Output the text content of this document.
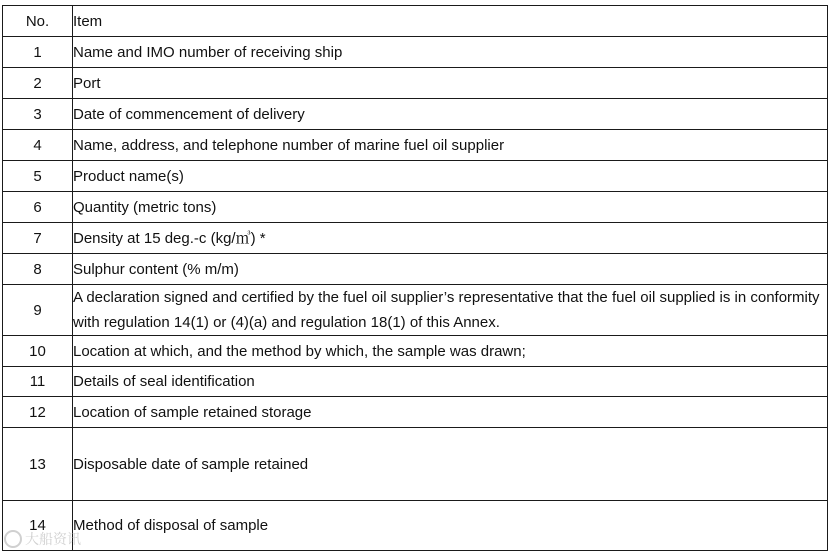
No.	Item
1	Name and IMO number of receiving ship
2	Port
3	Date of commencement of delivery
4	Name, address, and telephone number of marine fuel oil supplier
5	Product name(s)
6	Quantity (metric tons)
7	Density at 15 deg.-c (kg/㎥) *
8	Sulphur content (% m/m)
9	A declaration signed and certified by the fuel oil supplier’s representative that the fuel oil supplied is in conformity with regulation 14(1) or (4)(a) and regulation 18(1) of this Annex.
10	Location at which, and the method by which, the sample was drawn;
11	Details of seal identification
12	Location of sample retained storage
13	Disposable date of sample retained
14	Method of disposal of sample
大船资讯
